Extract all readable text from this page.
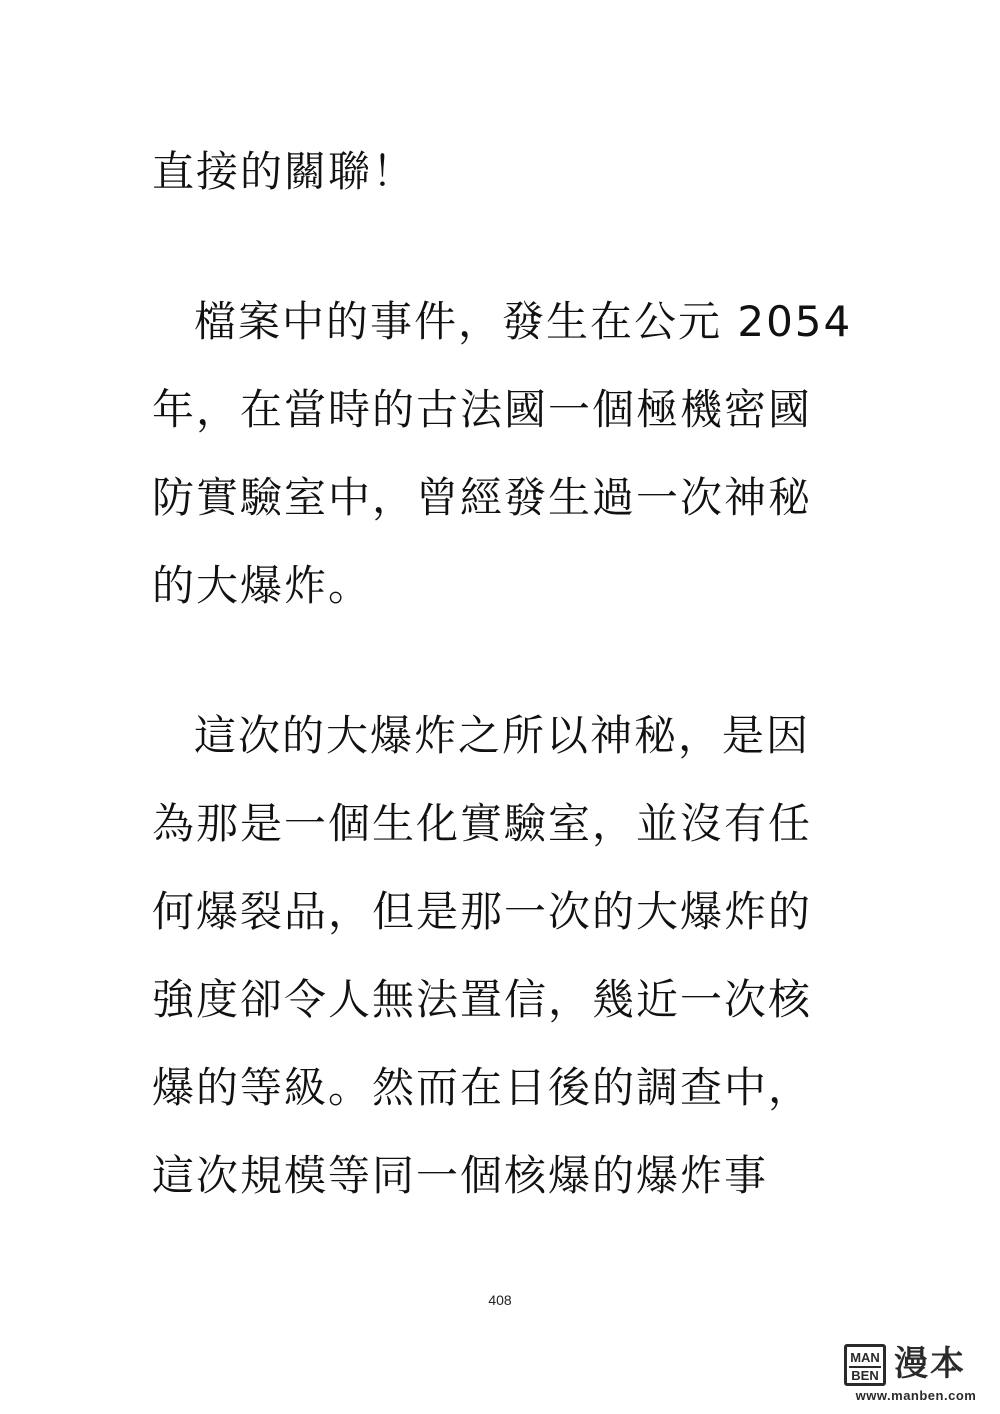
直接的關聯！
檔案中的事件，發生在公元 2054
年，在當時的古法國一個極機密國
防實驗室中，曾經發生過一次神秘
的大爆炸。
這次的大爆炸之所以神秘，是因
為那是一個生化實驗室，並沒有任
何爆裂品，但是那一次的大爆炸的
強度卻令人無法置信，幾近一次核
爆的等級。然而在日後的調查中，
這次規模等同一個核爆的爆炸事
408
MAN
BEN 漫本
www.manben.com
